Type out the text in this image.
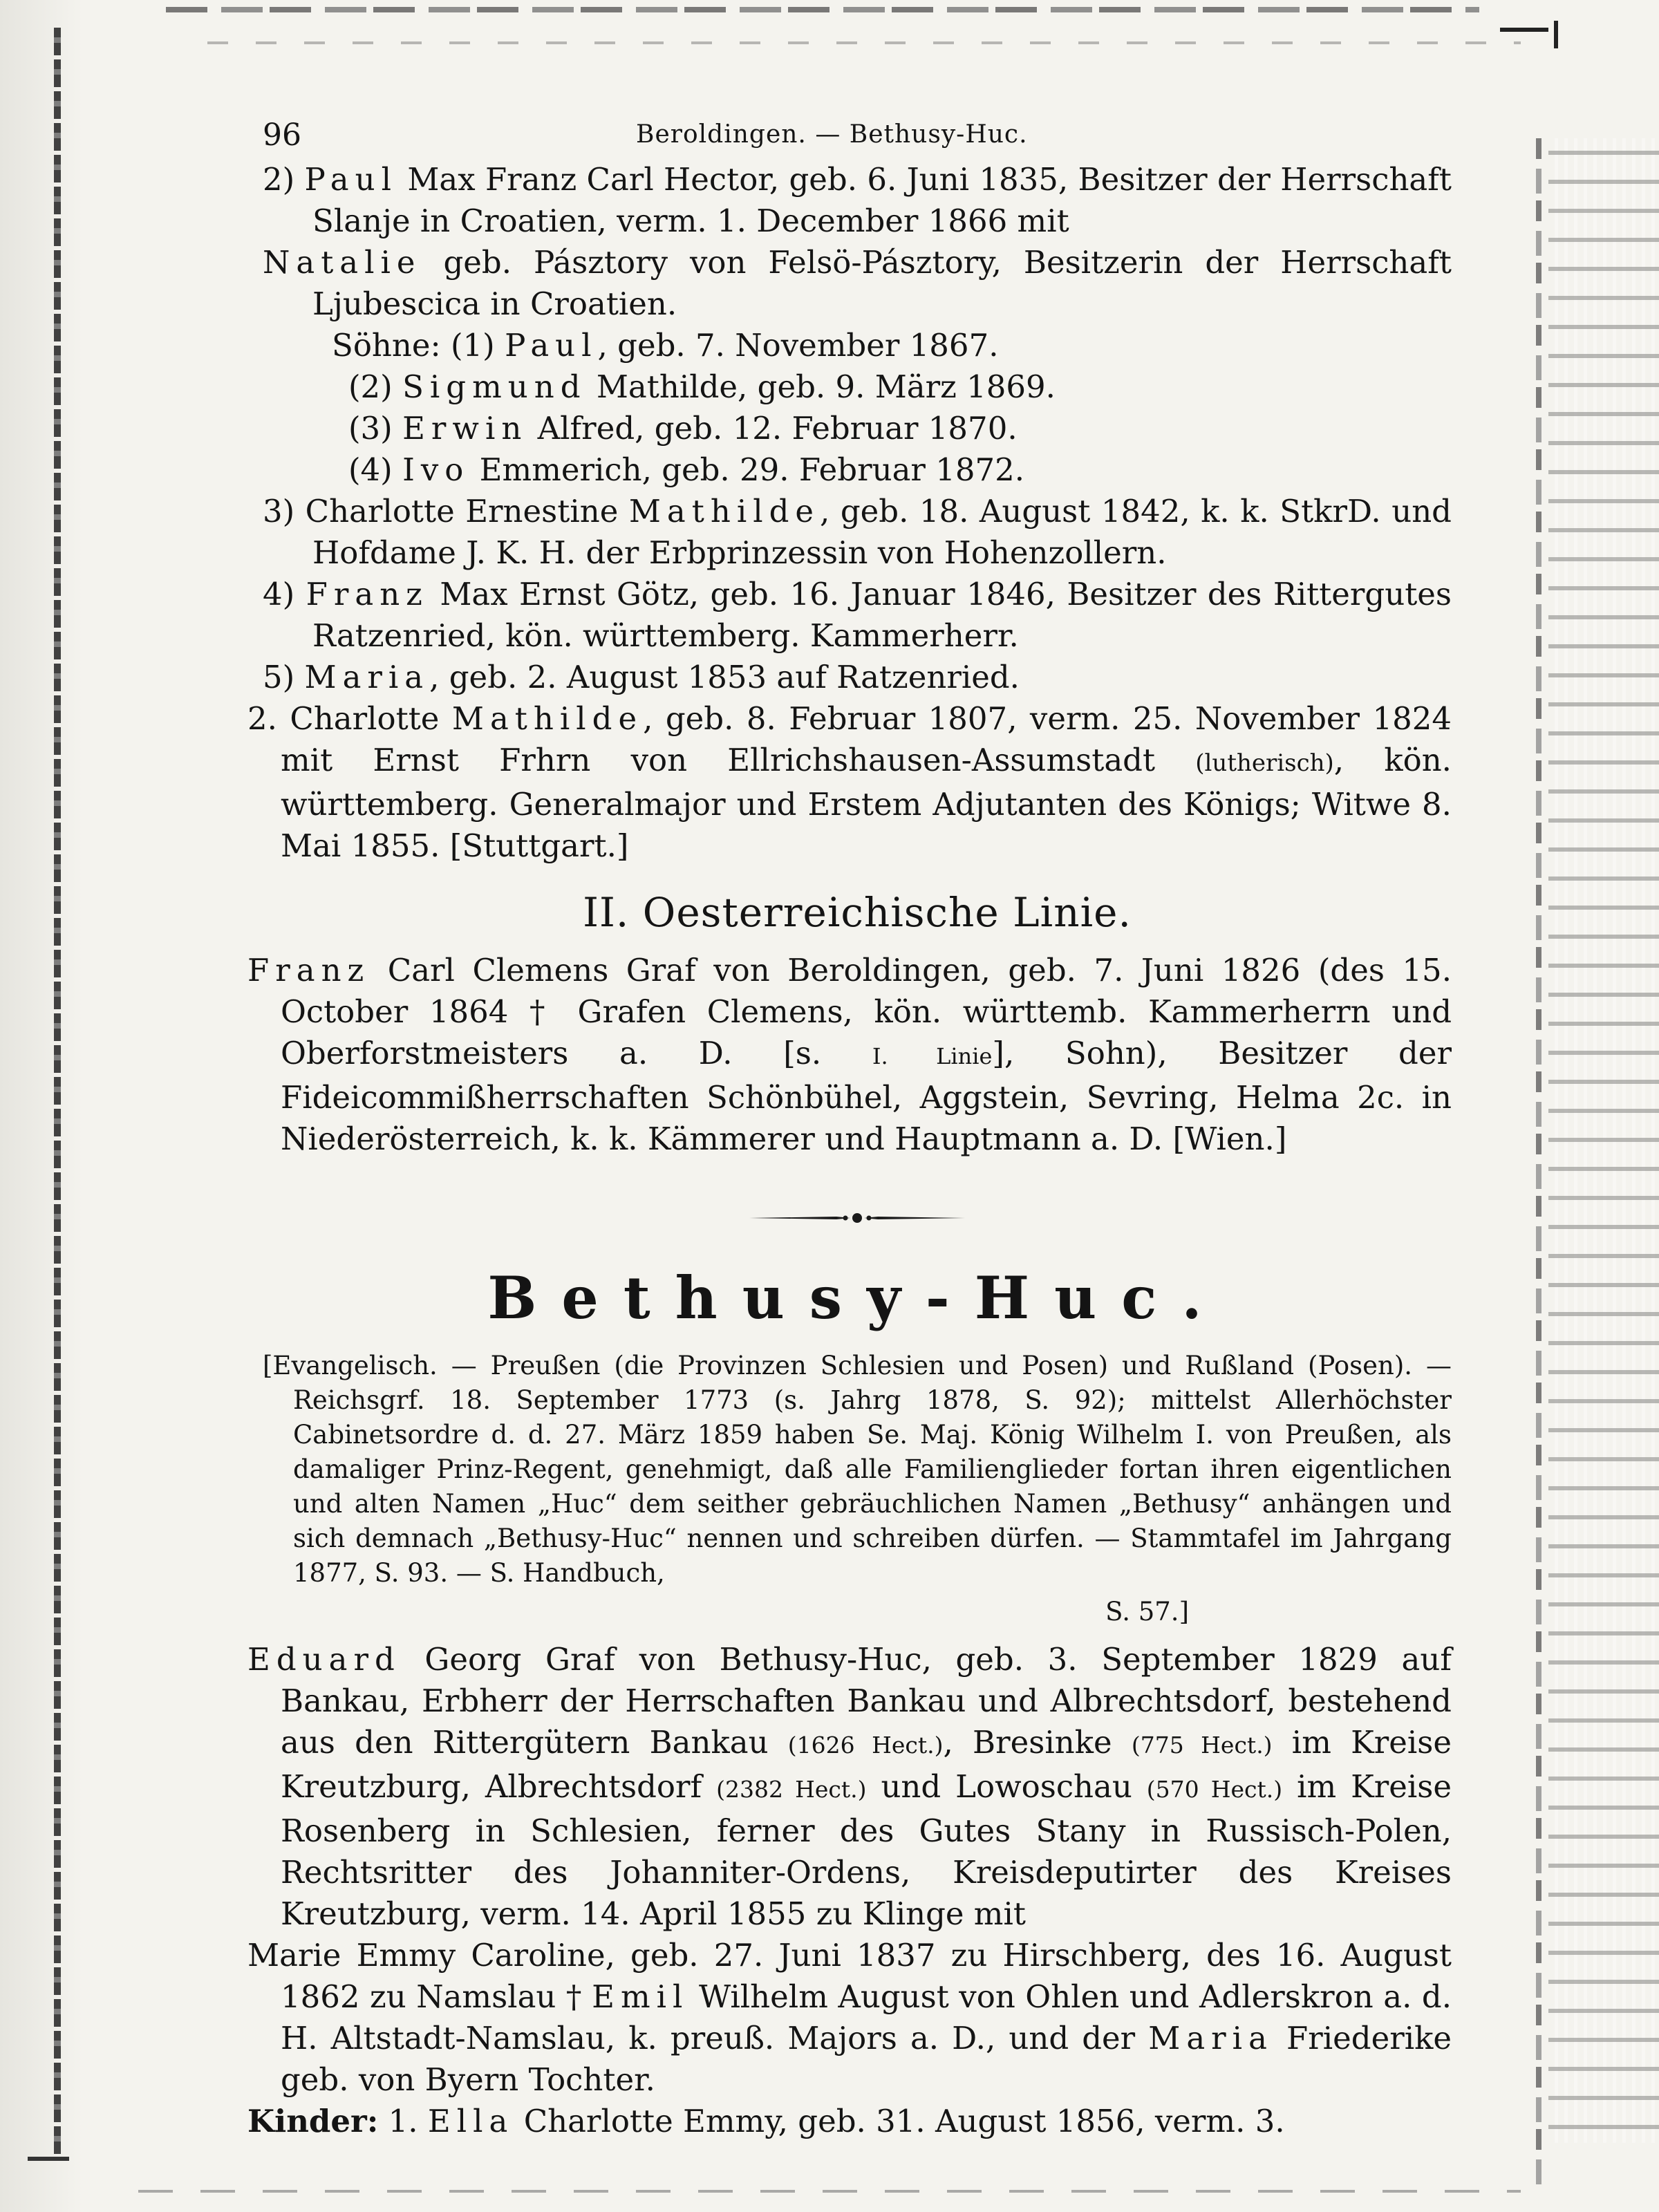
96	Beroldingen. — Bethusy-Huc.
2) Paul Max Franz Carl Hector, geb. 6. Juni 1835, Besitzer der Herrschaft Slanje in Croatien, verm. 1. December 1866 mit
Natalie geb. Pásztory von Felsö-Pásztory, Besitzerin der Herrschaft Ljubescica in Croatien.
Söhne: (1) Paul, geb. 7. November 1867.
(2) Sigmund Mathilde, geb. 9. März 1869.
(3) Erwin Alfred, geb. 12. Februar 1870.
(4) Ivo Emmerich, geb. 29. Februar 1872.
3) Charlotte Ernestine Mathilde, geb. 18. August 1842, k. k. StkrD. und Hofdame J. K. H. der Erbprinzessin von Hohenzollern.
4) Franz Max Ernst Götz, geb. 16. Januar 1846, Besitzer des Rittergutes Ratzenried, kön. württemberg. Kammerherr.
5) Maria, geb. 2. August 1853 auf Ratzenried.
2. Charlotte Mathilde, geb. 8. Februar 1807, verm. 25. November 1824 mit Ernst Frhrn von Ellrichshausen-Assumstadt (lutherisch), kön. württemberg. Generalmajor und Erstem Adjutanten des Königs; Witwe 8. Mai 1855. [Stuttgart.]
II. Oesterreichische Linie.
Franz Carl Clemens Graf von Beroldingen, geb. 7. Juni 1826 (des 15. October 1864 † Grafen Clemens, kön. württemb. Kammerherrn und Oberforstmeisters a. D. [s. I. Linie], Sohn), Besitzer der Fideicommißherrschaften Schönbühel, Aggstein, Sevring, Helma 2c. in Niederösterreich, k. k. Kämmerer und Hauptmann a. D. [Wien.]
Bethusy-Huc.
[Evangelisch. — Preußen (die Provinzen Schlesien und Posen) und Rußland (Posen). — Reichsgrf. 18. September 1773 (s. Jahrg 1878, S. 92); mittelst Allerhöchster Cabinetsordre d. d. 27. März 1859 haben Se. Maj. König Wilhelm I. von Preußen, als damaliger Prinz-Regent, genehmigt, daß alle Familienglieder fortan ihren eigentlichen und alten Namen „Huc“ dem seither gebräuchlichen Namen „Bethusy“ anhängen und sich demnach „Bethusy-Huc“ nennen und schreiben dürfen. — Stammtafel im Jahrgang 1877, S. 93. — S. Handbuch,
S. 57.]
Eduard Georg Graf von Bethusy-Huc, geb. 3. September 1829 auf Bankau, Erbherr der Herrschaften Bankau und Albrechtsdorf, bestehend aus den Rittergütern Bankau (1626 Hect.), Bresinke (775 Hect.) im Kreise Kreutzburg, Albrechtsdorf (2382 Hect.) und Lowoschau (570 Hect.) im Kreise Rosenberg in Schlesien, ferner des Gutes Stany in Russisch-Polen, Rechtsritter des Johanniter-Ordens, Kreisdeputirter des Kreises Kreutzburg, verm. 14. April 1855 zu Klinge mit
Marie Emmy Caroline, geb. 27. Juni 1837 zu Hirschberg, des 16. August 1862 zu Namslau † Emil Wilhelm August von Ohlen und Adlerskron a. d. H. Altstadt-Namslau, k. preuß. Majors a. D., und der Maria Friederike geb. von Byern Tochter.
Kinder: 1. Ella Charlotte Emmy, geb. 31. August 1856, verm. 3.
